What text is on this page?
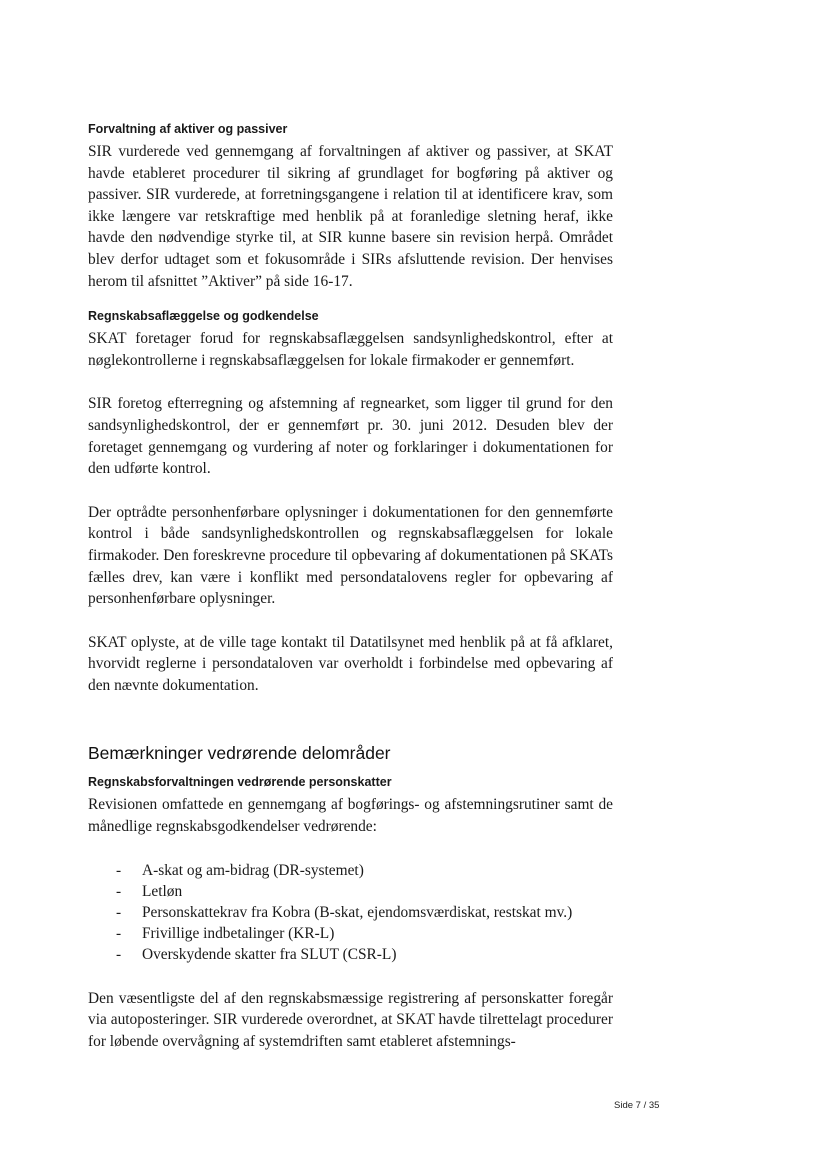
Forvaltning af aktiver og passiver

SIR vurderede ved gennemgang af forvaltningen af aktiver og passiver, at SKAT havde etableret procedurer til sikring af grundlaget for bogføring på aktiver og passiver. SIR vurderede, at forretningsgangene i relation til at identificere krav, som ikke længere var retskraftige med henblik på at foranledige sletning heraf, ikke havde den nødvendige styrke til, at SIR kunne basere sin revision herpå. Området blev derfor udtaget som et fokusområde i SIRs afsluttende revision. Der henvises herom til afsnittet ”Aktiver” på side 16-17.

Regnskabsaflæggelse og godkendelse

SKAT foretager forud for regnskabsaflæggelsen sandsynlighedskontrol, efter at nøglekontrollerne i regnskabsaflæggelsen for lokale firmakoder er gennemført.

SIR foretog efterregning og afstemning af regnearket, som ligger til grund for den sandsynlighedskontrol, der er gennemført pr. 30. juni 2012. Desuden blev der foretaget gennemgang og vurdering af noter og forklaringer i dokumentationen for den udførte kontrol.

Der optrådte personhenførbare oplysninger i dokumentationen for den gennemførte kontrol i både sandsynlighedskontrollen og regnskabsaflæggelsen for lokale firmakoder. Den foreskrevne procedure til opbevaring af dokumentationen på SKATs fælles drev, kan være i konflikt med persondatalovens regler for opbevaring af personhenførbare oplysninger.

SKAT oplyste, at de ville tage kontakt til Datatilsynet med henblik på at få afklaret, hvorvidt reglerne i persondataloven var overholdt i forbindelse med opbevaring af den nævnte dokumentation.

Bemærkninger vedrørende delområder
Regnskabsforvaltningen vedrørende personskatter

Revisionen omfattede en gennemgang af bogførings- og afstemningsrutiner samt de månedlige regnskabsgodkendelser vedrørende:

- A-skat og am-bidrag (DR-systemet)
- Letløn
- Personskattekrav fra Kobra (B-skat, ejendomsværdiskat, restskat mv.)
- Frivillige indbetalinger (KR-L)
- Overskydende skatter fra SLUT (CSR-L)

Den væsentligste del af den regnskabsmæssige registrering af personskatter foregår via autoposteringer. SIR vurderede overordnet, at SKAT havde tilrettelagt procedurer for løbende overvågning af systemdriften samt etableret afstemnings-

Side 7 / 35
